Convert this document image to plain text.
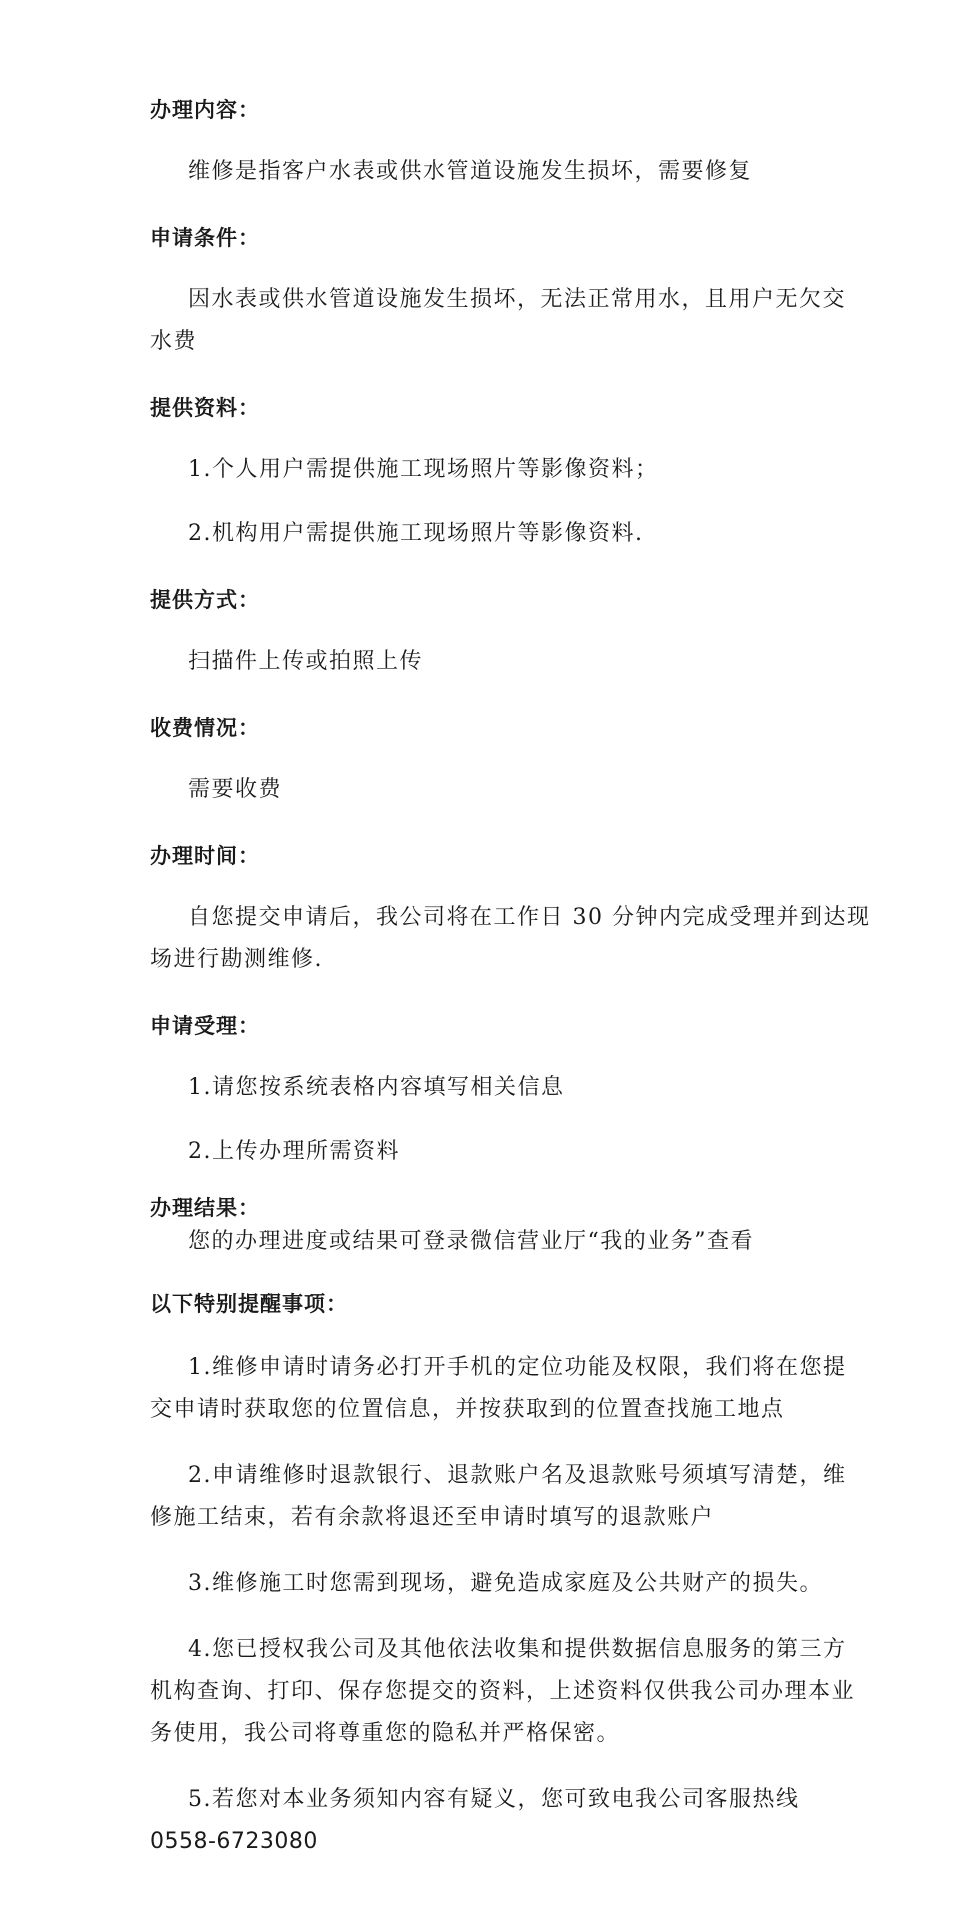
办理内容：
维修是指客户水表或供水管道设施发生损坏，需要修复
申请条件：
因水表或供水管道设施发生损坏，无法正常用水，且用户无欠交
水费
提供资料：
1.个人用户需提供施工现场照片等影像资料；
2.机构用户需提供施工现场照片等影像资料.
提供方式：
扫描件上传或拍照上传
收费情况：
需要收费
办理时间：
自您提交申请后，我公司将在工作日 30 分钟内完成受理并到达现
场进行勘测维修.
申请受理：
1.请您按系统表格内容填写相关信息
2.上传办理所需资料
办理结果：
您的办理进度或结果可登录微信营业厅“我的业务”查看
以下特别提醒事项：
1.维修申请时请务必打开手机的定位功能及权限，我们将在您提
交申请时获取您的位置信息，并按获取到的位置查找施工地点
2.申请维修时退款银行、退款账户名及退款账号须填写清楚，维
修施工结束，若有余款将退还至申请时填写的退款账户
3.维修施工时您需到现场，避免造成家庭及公共财产的损失。
4.您已授权我公司及其他依法收集和提供数据信息服务的第三方
机构查询、打印、保存您提交的资料，上述资料仅供我公司办理本业
务使用，我公司将尊重您的隐私并严格保密。
5.若您对本业务须知内容有疑义，您可致电我公司客服热线
0558-6723080
